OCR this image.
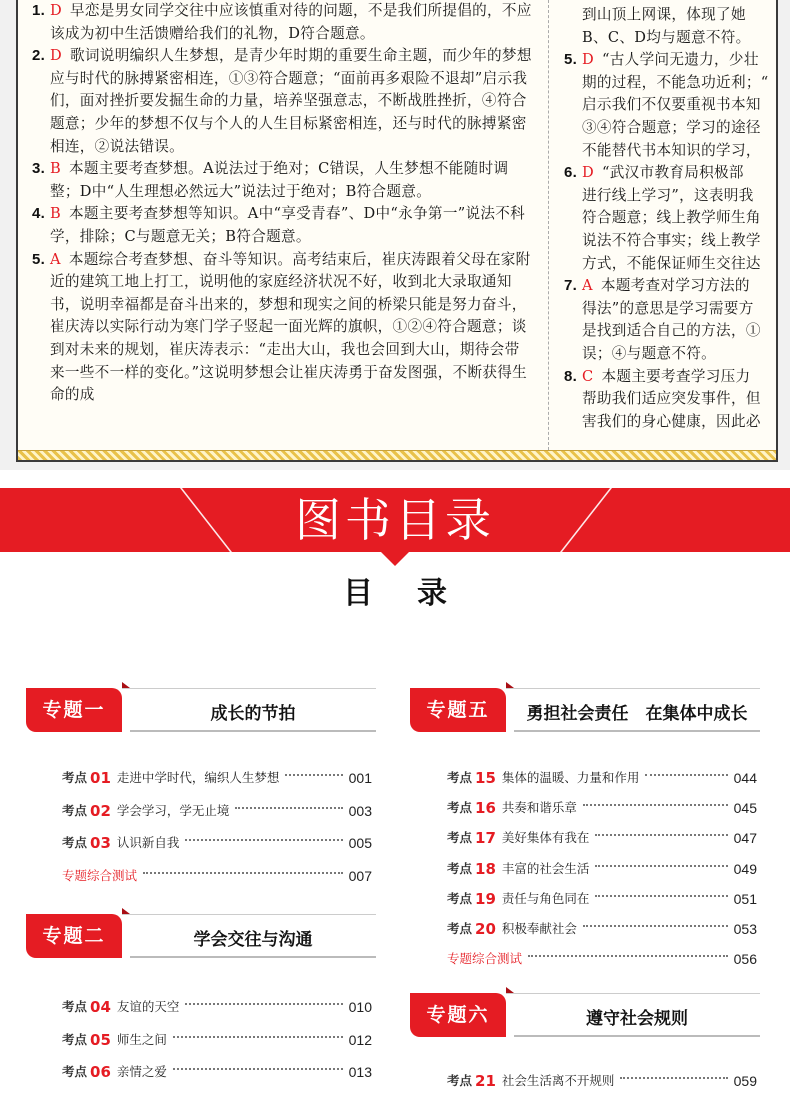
1. D 早恋是男女同学交往中应该慎重对待的问题，不是我们所提倡的，不应该成为初中生活馈赠给我们的礼物，D符合题意。
2. D 歌词说明编织人生梦想，是青少年时期的重要生命主题，而少年的梦想应与时代的脉搏紧密相连，①③符合题意；“面前再多艰险不退却”启示我们，面对挫折要发掘生命的力量，培养坚强意志，不断战胜挫折，④符合题意；少年的梦想不仅与个人的人生目标紧密相连，还与时代的脉搏紧密相连，②说法错误。
3. B 本题主要考查梦想。A说法过于绝对；C错误，人生梦想不能随时调整；D中“人生理想必然远大”说法过于绝对；B符合题意。
4. B 本题主要考查梦想等知识。A中“享受青春”、D中“永争第一”说法不科学，排除；C与题意无关；B符合题意。
5. A 本题综合考查梦想、奋斗等知识。高考结束后，崔庆涛跟着父母在家附近的建筑工地上打工，说明他的家庭经济状况不好，收到北大录取通知书，说明幸福都是奋斗出来的，梦想和现实之间的桥梁只能是努力奋斗，崔庆涛以实际行动为寒门学子竖起一面光辉的旗帜，①②④符合题意；谈到对未来的规划，崔庆涛表示：“走出大山，我也会回到大山，期待会带来一些不一样的变化。”这说明梦想会让崔庆涛勇于奋发图强，不断获得生命的成
到山顶上网课，体现了她
B、C、D均与题意不符。
5. D “古人学问无遗力，少壮
期的过程，不能急功近利；“
启示我们不仅要重视书本知
③④符合题意；学习的途径
不能替代书本知识的学习，
6. D “武汉市教育局积极部
进行线上学习”，这表明我
符合题意；线上教学师生角
说法不符合事实；线上教学
方式，不能保证师生交往达
7. A 本题考查对学习方法的
得法”的意思是学习需要方
是找到适合自己的方法，①
误；④与题意不符。
8. C 本题主要考查学习压力
帮助我们适应突发事件，但
害我们的身心健康，因此必
图书目录
目录
专题一	成长的节拍
考点 01 走进中学时代，编织人生梦想	001
考点 02 学会学习，学无止境	003
考点 03 认识新自我	005
专题综合测试	007
专题二	学会交往与沟通
考点 04 友谊的天空	010
考点 05 师生之间	012
考点 06 亲情之爱	013
专题五	勇担社会责任　在集体中成长
考点 15 集体的温暖、力量和作用	044
考点 16 共奏和谐乐章	045
考点 17 美好集体有我在	047
考点 18 丰富的社会生活	049
考点 19 责任与角色同在	051
考点 20 积极奉献社会	053
专题综合测试	056
专题六	遵守社会规则
考点 21 社会生活离不开规则	059
